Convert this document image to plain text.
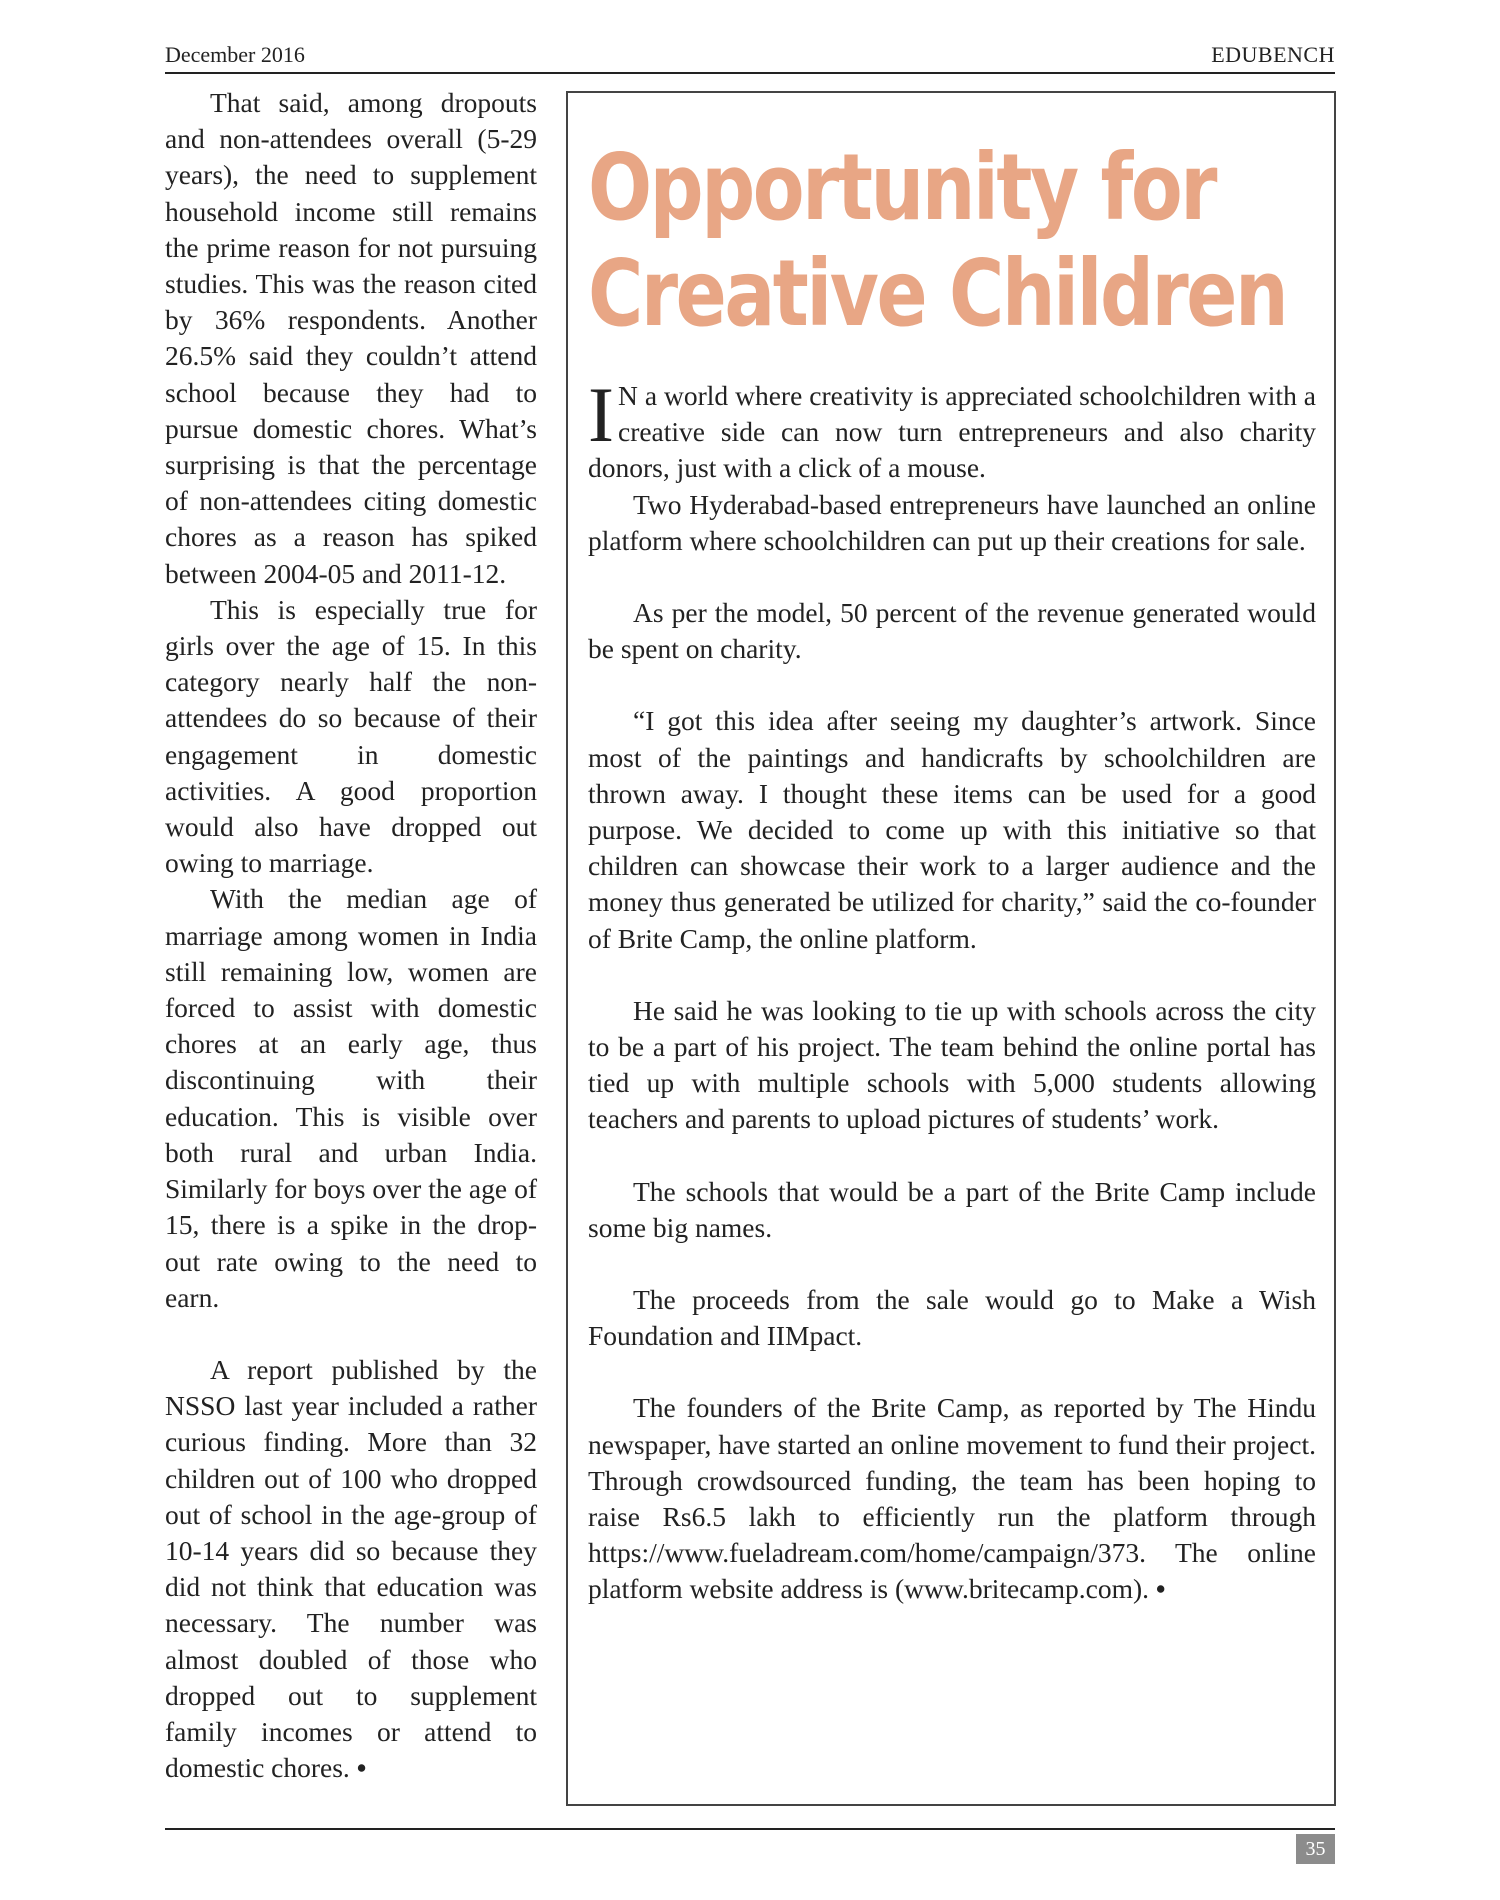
December 2016	EDUBENCH

That said, among dropouts and non-attendees overall (5-29 years), the need to supplement household income still remains the prime reason for not pursuing studies. This was the reason cited by 36% respondents. Another 26.5% said they couldn’t attend school because they had to pursue domestic chores. What’s surprising is that the percentage of non-attendees citing domestic chores as a reason has spiked between 2004-05 and 2011-12.

This is especially true for girls over the age of 15. In this category nearly half the non-attendees do so because of their engagement in domestic activities. A good proportion would also have dropped out owing to marriage.

With the median age of marriage among women in India still remaining low, women are forced to assist with domestic chores at an early age, thus discontinuing with their education. This is visible over both rural and urban India. Similarly for boys over the age of 15, there is a spike in the drop-out rate owing to the need to earn.

A report published by the NSSO last year included a rather curious finding. More than 32 children out of 100 who dropped out of school in the age-group of 10-14 years did so because they did not think that education was necessary. The number was almost doubled of those who dropped out to supplement family incomes or attend to domestic chores. •

Opportunity for
Creative Children

I N a world where creativity is appreciated schoolchildren with a creative side can now turn entrepreneurs and also charity donors, just with a click of a mouse.

Two Hyderabad-based entrepreneurs have launched an online platform where schoolchildren can put up their creations for sale.

As per the model, 50 percent of the revenue generated would be spent on charity.

“I got this idea after seeing my daughter’s artwork. Since most of the paintings and handicrafts by schoolchildren are thrown away. I thought these items can be used for a good purpose. We decided to come up with this initiative so that children can showcase their work to a larger audience and the money thus generated be utilized for charity,” said the co-founder of Brite Camp, the online platform.

He said he was looking to tie up with schools across the city to be a part of his project. The team behind the online portal has tied up with multiple schools with 5,000 students allowing teachers and parents to upload pictures of students’ work.

The schools that would be a part of the Brite Camp include some big names.

The proceeds from the sale would go to Make a Wish Foundation and IIMpact.

The founders of the Brite Camp, as reported by The Hindu newspaper, have started an online movement to fund their project. Through crowdsourced funding, the team has been hoping to raise Rs6.5 lakh to efficiently run the platform through https://www.fueladream.com/home/campaign/373. The online platform website address is (www.britecamp.com). •

35
